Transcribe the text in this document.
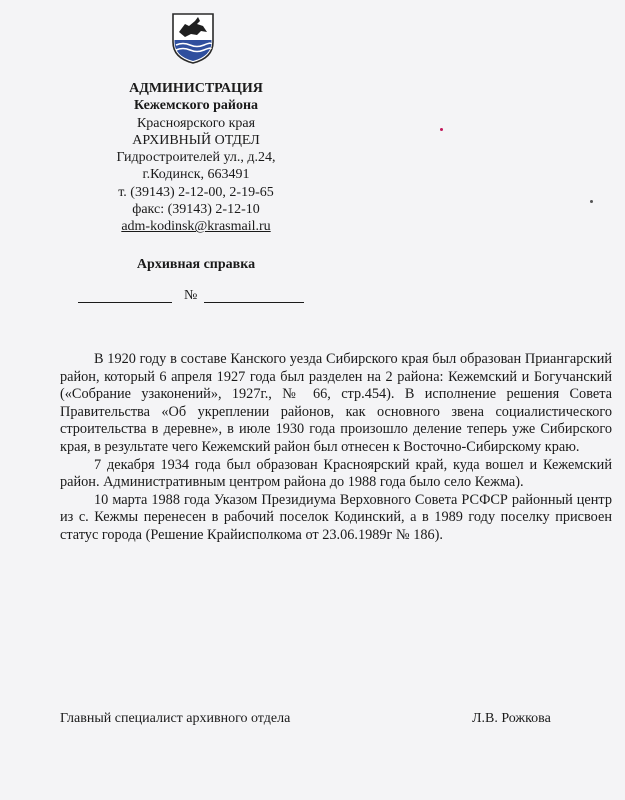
АДМИНИСТРАЦИЯ
Кежемского района
Красноярского края
АРХИВНЫЙ ОТДЕЛ
Гидростроителей ул., д.24,
г.Кодинск, 663491
т. (39143) 2-12-00, 2-19-65
факс: (39143) 2-12-10
adm-kodinsk@krasmail.ru
Архивная справка
№

В 1920 году в составе Канского уезда Сибирского края был образован Приангарский район, который 6 апреля 1927 года был разделен на 2 района: Кежемский и Богучанский («Собрание узаконений», 1927г., № 66, стр.454). В исполнение решения Совета Правительства «Об укреплении районов, как основного звена социалистического строительства в деревне», в июле 1930 года произошло деление теперь уже Сибирского края, в результате чего Кежемский район был отнесен к Восточно-Сибирскому краю.

7 декабря 1934 года был образован Красноярский край, куда вошел и Кежемский район. Административным центром района до 1988 года было село Кежма).

10 марта 1988 года Указом Президиума Верховного Совета РСФСР районный центр из с. Кежмы перенесен в рабочий поселок Кодинский, а в 1989 году поселку присвоен статус города (Решение Крайисполкома от 23.06.1989г № 186).

Главный специалист архивного отдела	Л.В. Рожкова
